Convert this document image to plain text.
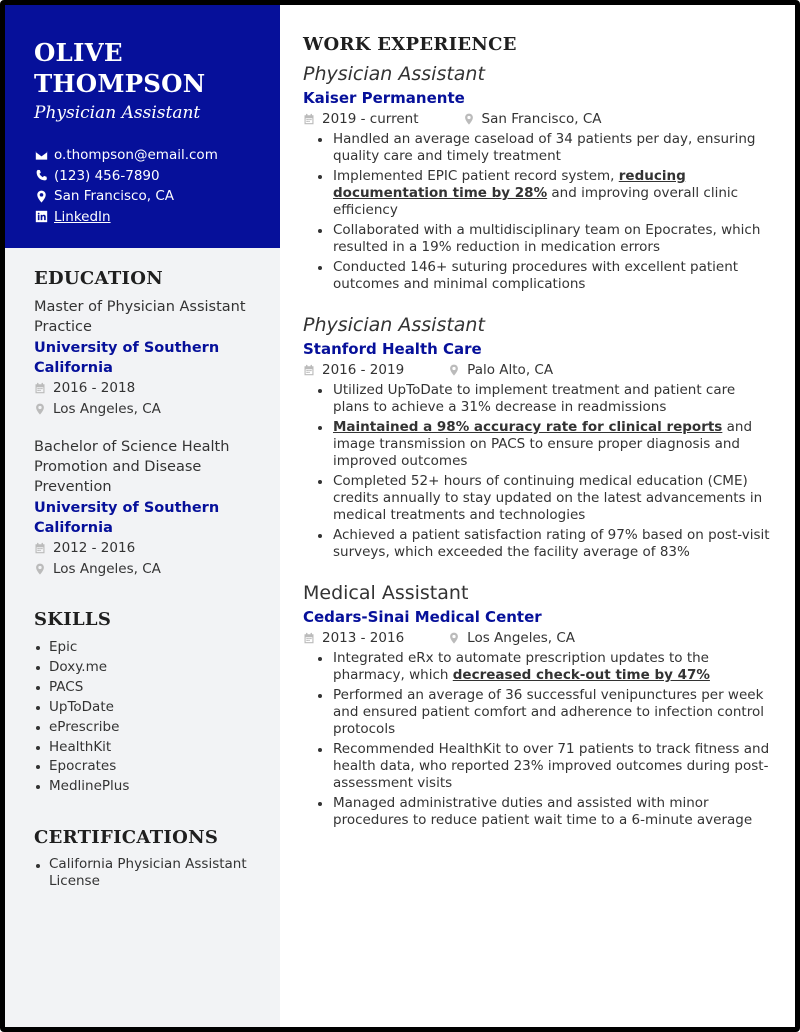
OLIVE
THOMPSON
Physician Assistant
o.thompson@email.com
(123) 456-7890
San Francisco, CA
LinkedIn
EDUCATION
Master of Physician Assistant Practice
University of Southern California
2016 - 2018
Los Angeles, CA
Bachelor of Science Health Promotion and Disease Prevention
University of Southern California
2012 - 2016
Los Angeles, CA
SKILLS
Epic
Doxy.me
PACS
UpToDate
ePrescribe
HealthKit
Epocrates
MedlinePlus
CERTIFICATIONS
California Physician Assistant License
WORK EXPERIENCE
Physician Assistant
Kaiser Permanente
2019 - current	San Francisco, CA
Handled an average caseload of 34 patients per day, ensuring quality care and timely treatment
Implemented EPIC patient record system, reducing documentation time by 28% and improving overall clinic efficiency
Collaborated with a multidisciplinary team on Epocrates, which resulted in a 19% reduction in medication errors
Conducted 146+ suturing procedures with excellent patient outcomes and minimal complications
Physician Assistant
Stanford Health Care
2016 - 2019	Palo Alto, CA
Utilized UpToDate to implement treatment and patient care plans to achieve a 31% decrease in readmissions
Maintained a 98% accuracy rate for clinical reports and image transmission on PACS to ensure proper diagnosis and improved outcomes
Completed 52+ hours of continuing medical education (CME) credits annually to stay updated on the latest advancements in medical treatments and technologies
Achieved a patient satisfaction rating of 97% based on post-visit surveys, which exceeded the facility average of 83%
Medical Assistant
Cedars-Sinai Medical Center
2013 - 2016	Los Angeles, CA
Integrated eRx to automate prescription updates to the pharmacy, which decreased check-out time by 47%
Performed an average of 36 successful venipunctures per week and ensured patient comfort and adherence to infection control protocols
Recommended HealthKit to over 71 patients to track fitness and health data, who reported 23% improved outcomes during post-assessment visits
Managed administrative duties and assisted with minor procedures to reduce patient wait time to a 6-minute average
